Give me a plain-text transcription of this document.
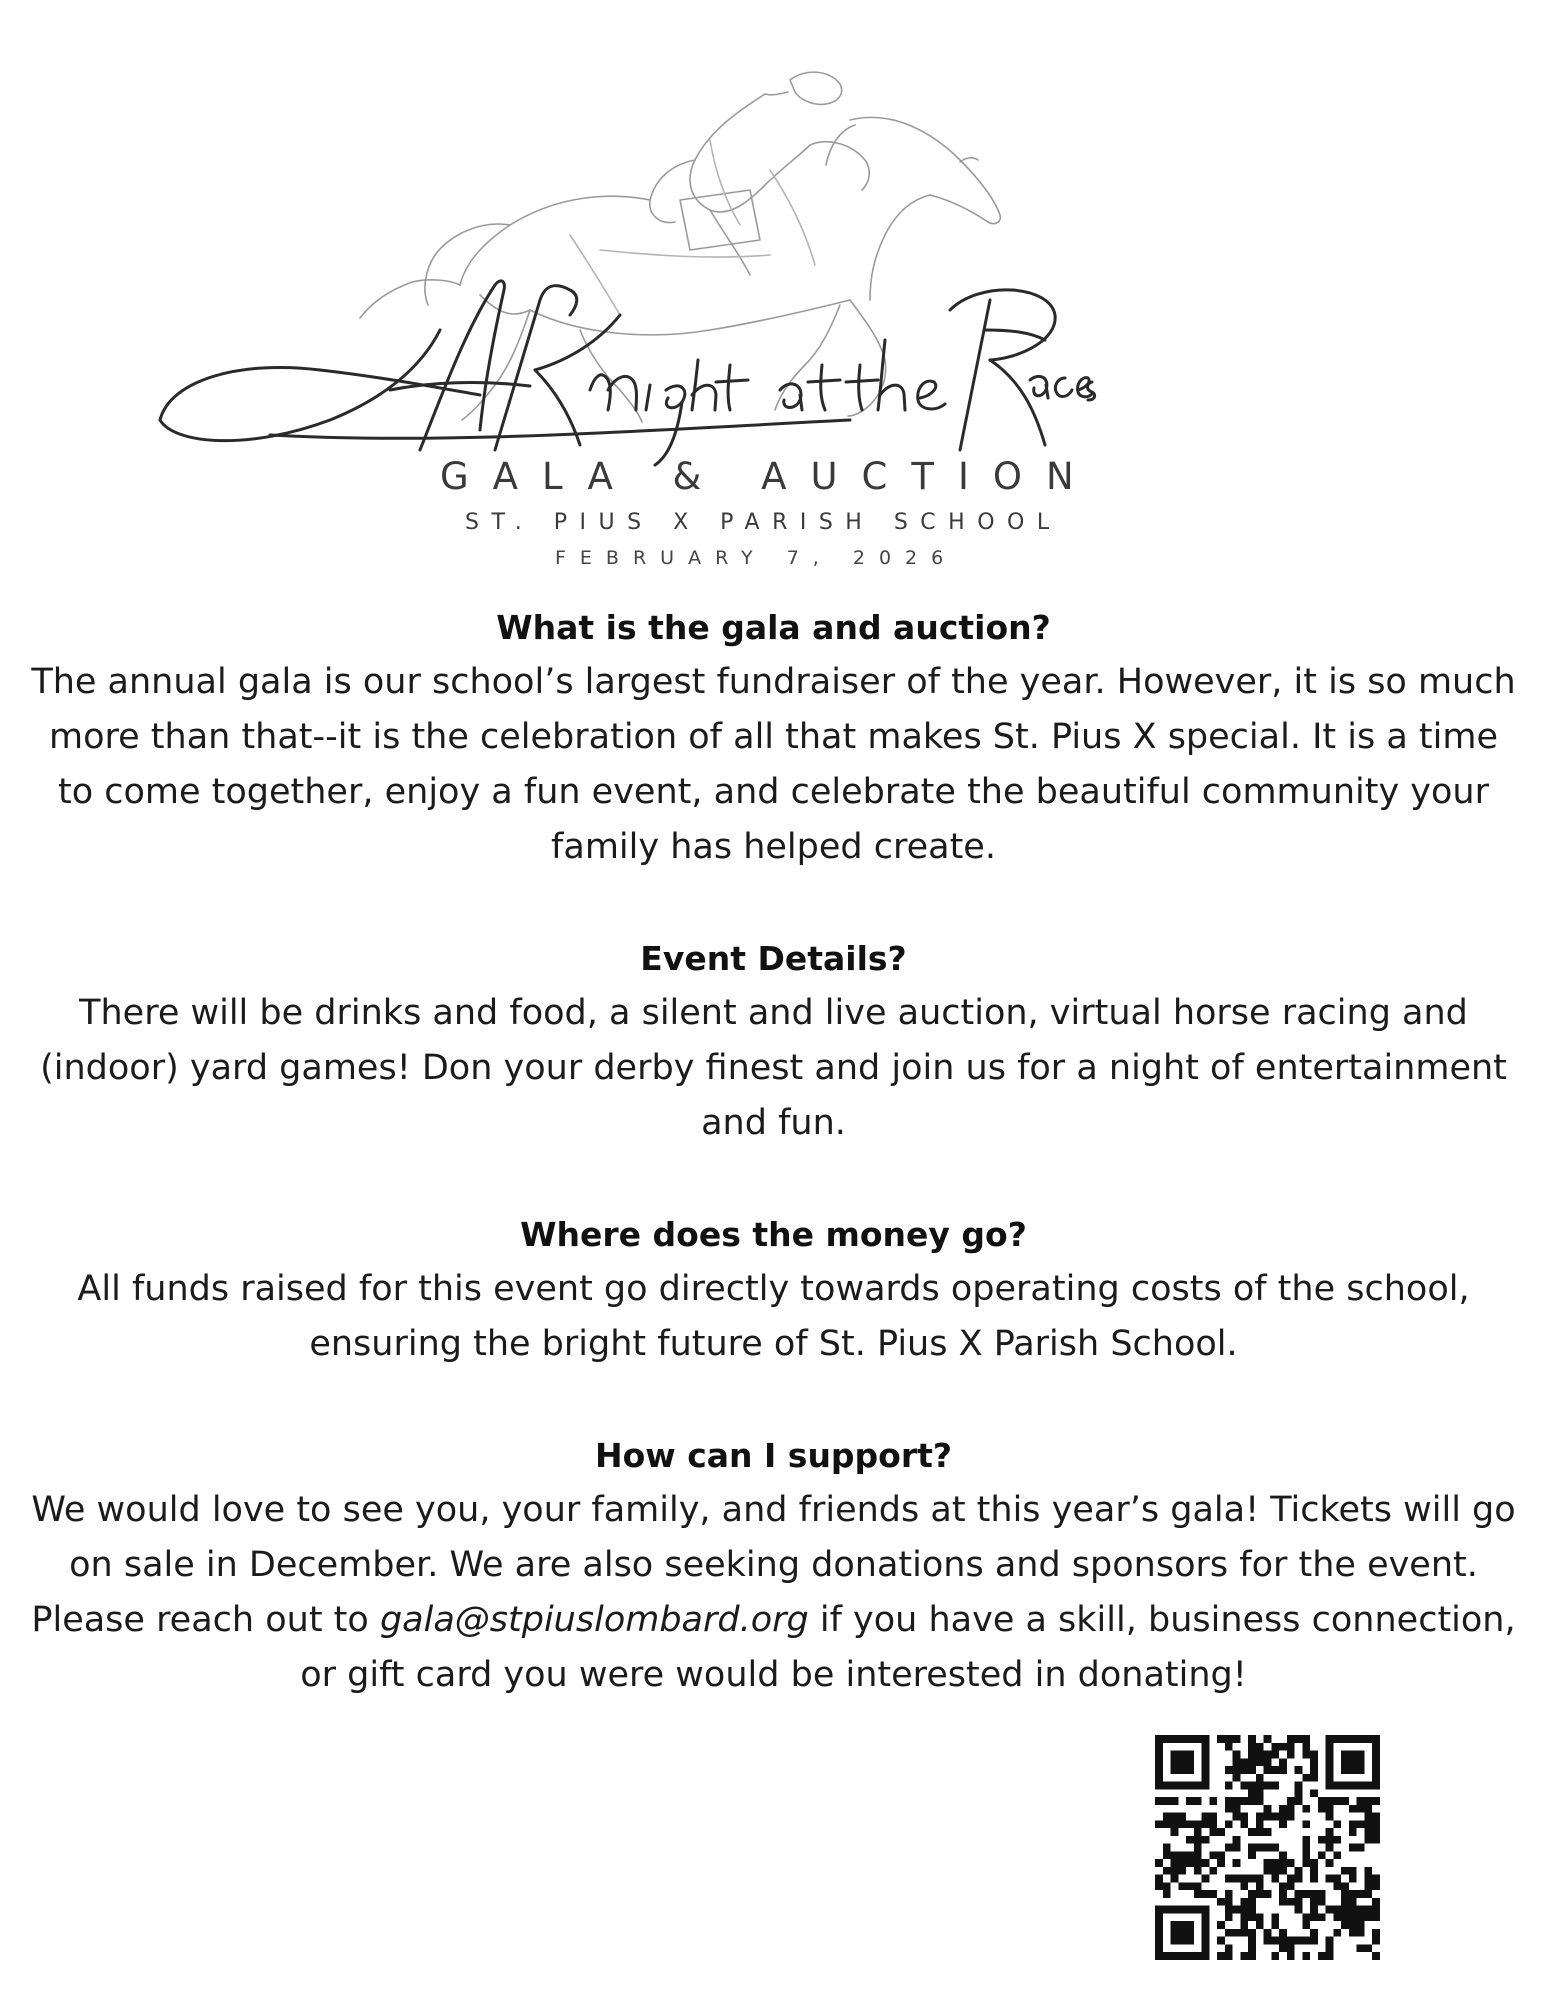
GALA & AUCTION
ST. PIUS X PARISH SCHOOL
FEBRUARY 7, 2026
What is the gala and auction?

The annual gala is our school’s largest fundraiser of the year. However, it is so much more than that--it is the celebration of all that makes St. Pius X special. It is a time to come together, enjoy a fun event, and celebrate the beautiful community your family has helped create.

Event Details?

There will be drinks and food, a silent and live auction, virtual horse racing and (indoor) yard games! Don your derby finest and join us for a night of entertainment and fun.

Where does the money go?

All funds raised for this event go directly towards operating costs of the school, ensuring the bright future of St. Pius X Parish School.

How can I support?

We would love to see you, your family, and friends at this year’s gala! Tickets will go on sale in December. We are also seeking donations and sponsors for the event. Please reach out to gala@stpiuslombard.org if you have a skill, business connection, or gift card you were would be interested in donating!
